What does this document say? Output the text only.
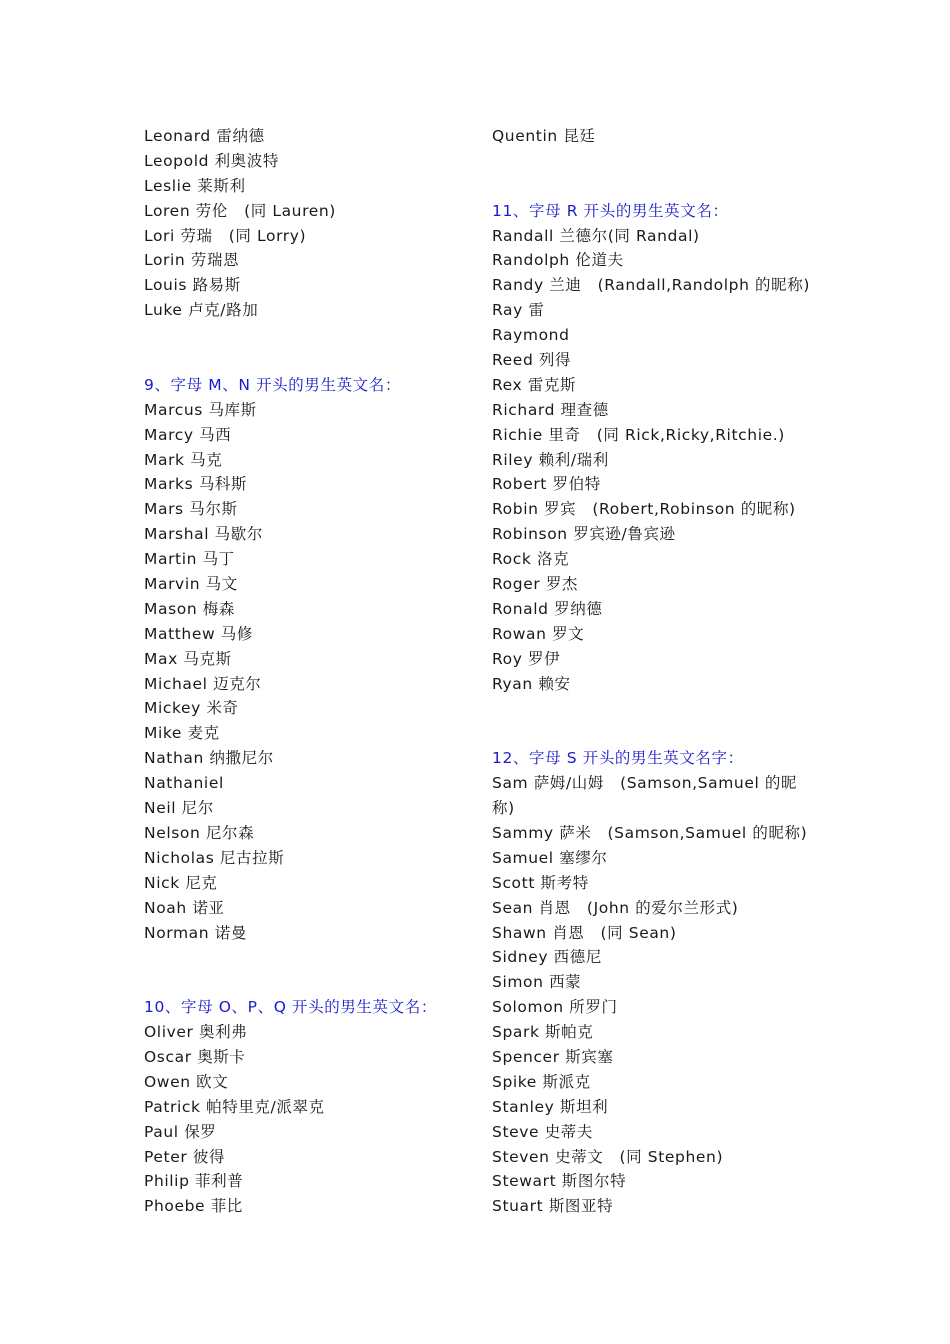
Leonard 雷纳德
Leopold 利奥波特
Leslie 莱斯利
Loren 劳伦　(同 Lauren)
Lori 劳瑞　(同 Lorry)
Lorin 劳瑞恩
Louis 路易斯
Luke 卢克/路加
9、字母 M、N 开头的男生英文名：
Marcus 马库斯
Marcy 马西
Mark 马克
Marks 马科斯
Mars 马尔斯
Marshal 马歇尔
Martin 马丁
Marvin 马文
Mason 梅森
Matthew 马修
Max 马克斯
Michael 迈克尔
Mickey 米奇
Mike 麦克
Nathan 纳撒尼尔
Nathaniel
Neil 尼尔
Nelson 尼尔森
Nicholas 尼古拉斯
Nick 尼克
Noah 诺亚
Norman 诺曼
10、字母 O、P、Q 开头的男生英文名：
Oliver 奥利弗
Oscar 奥斯卡
Owen 欧文
Patrick 帕特里克/派翠克
Paul 保罗
Peter 彼得
Philip 菲利普
Phoebe 菲比
Quentin 昆廷
11、字母 R 开头的男生英文名：
Randall 兰德尔(同 Randal)
Randolph 伦道夫
Randy 兰迪　(Randall,Randolph 的昵称)
Ray 雷
Raymond
Reed 列得
Rex 雷克斯
Richard 理查德
Richie 里奇　(同 Rick,Ricky,Ritchie.)
Riley 赖利/瑞利
Robert 罗伯特
Robin 罗宾　(Robert,Robinson 的昵称)
Robinson 罗宾逊/鲁宾逊
Rock 洛克
Roger 罗杰
Ronald 罗纳德
Rowan 罗文
Roy 罗伊
Ryan 赖安
12、字母 S 开头的男生英文名字：
Sam 萨姆/山姆　(Samson,Samuel 的昵
称)
Sammy 萨米　(Samson,Samuel 的昵称)
Samuel 塞缪尔
Scott 斯考特
Sean 肖恩　(John 的爱尔兰形式)
Shawn 肖恩　(同 Sean)
Sidney 西德尼
Simon 西蒙
Solomon 所罗门
Spark 斯帕克
Spencer 斯宾塞
Spike 斯派克
Stanley 斯坦利
Steve 史蒂夫
Steven 史蒂文　(同 Stephen)
Stewart 斯图尔特
Stuart 斯图亚特
